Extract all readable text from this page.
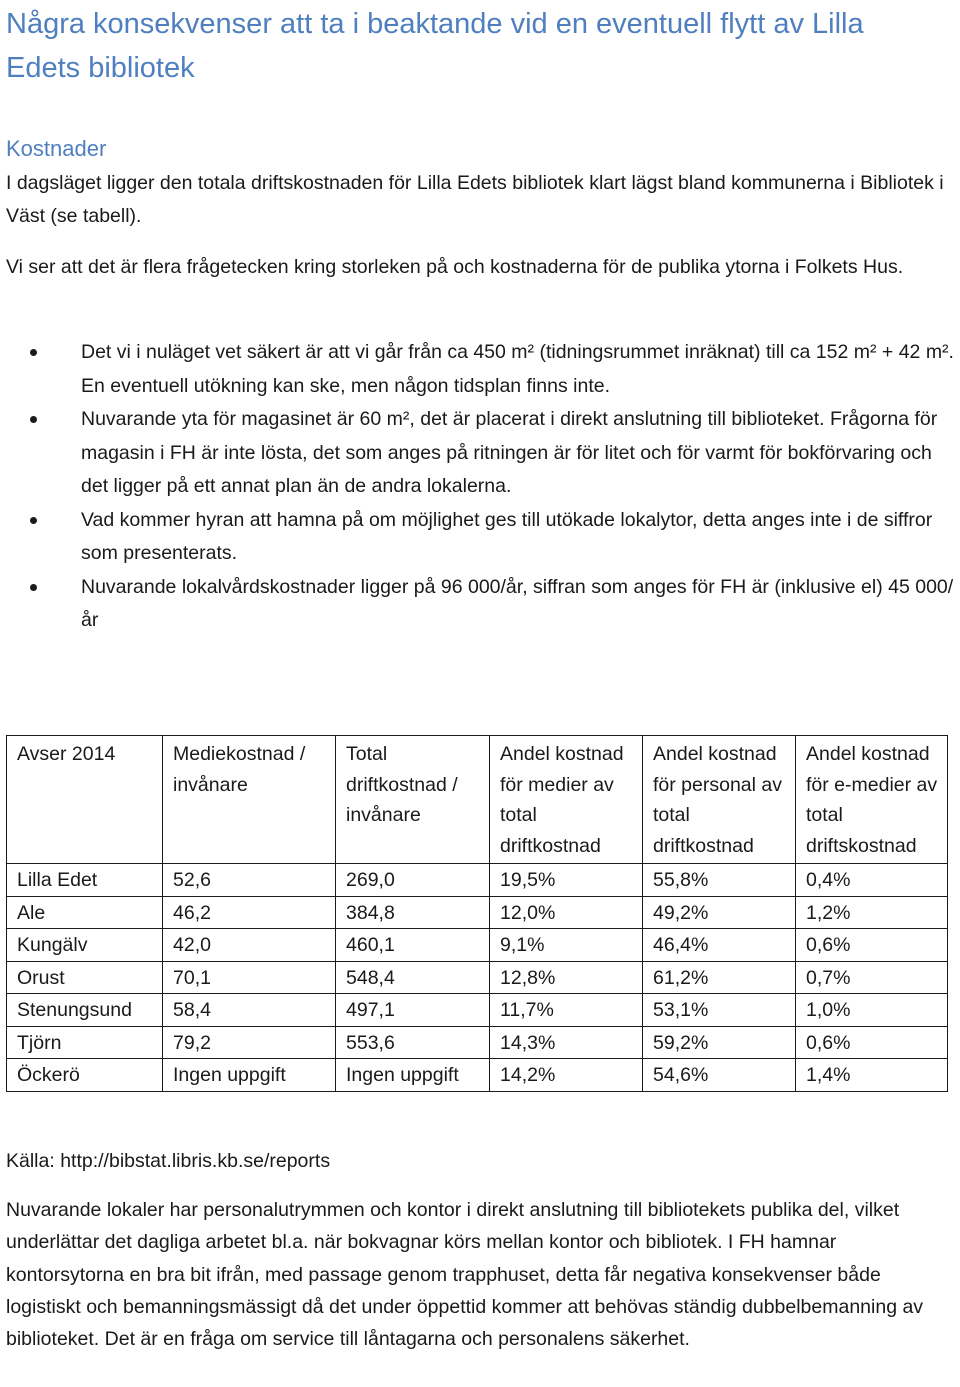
Några konsekvenser att ta i beaktande vid en eventuell flytt av Lilla Edets bibliotek
Kostnader

I dagsläget ligger den totala driftskostnaden för Lilla Edets bibliotek klart lägst bland kommunerna i Bibliotek i Väst (se tabell).

Vi ser att det är flera frågetecken kring storleken på och kostnaderna för de publika ytorna i Folkets Hus.

Det vi i nuläget vet säkert är att vi går från ca 450 m² (tidningsrummet inräknat) till ca 152 m² + 42 m². En eventuell utökning kan ske, men någon tidsplan finns inte.
Nuvarande yta för magasinet är 60 m², det är placerat i direkt anslutning till biblioteket. Frågorna för magasin i FH är inte lösta, det som anges på ritningen är för litet och för varmt för bokförvaring och det ligger på ett annat plan än de andra lokalerna.
Vad kommer hyran att hamna på om möjlighet ges till utökade lokalytor, detta anges inte i de siffror som presenterats.
Nuvarande lokalvårdskostnader ligger på 96 000/år, siffran som anges för FH är (inklusive el) 45 000/år
Avser 2014	Mediekostnad / invånare	Total driftkostnad / invånare	Andel kostnad för medier av total driftkostnad	Andel kostnad för personal av total driftkostnad	Andel kostnad för e-medier av total driftskostnad
Lilla Edet	52,6	269,0	19,5%	55,8%	0,4%
Ale	46,2	384,8	12,0%	49,2%	1,2%
Kungälv	42,0	460,1	9,1%	46,4%	0,6%
Orust	70,1	548,4	12,8%	61,2%	0,7%
Stenungsund	58,4	497,1	11,7%	53,1%	1,0%
Tjörn	79,2	553,6	14,3%	59,2%	0,6%
Öckerö	Ingen uppgift	Ingen uppgift	14,2%	54,6%	1,4%
Källa: http://bibstat.libris.kb.se/reports

Nuvarande lokaler har personalutrymmen och kontor i direkt anslutning till bibliotekets publika del, vilket underlättar det dagliga arbetet bl.a. när bokvagnar körs mellan kontor och bibliotek. I FH hamnar kontorsytorna en bra bit ifrån, med passage genom trapphuset, detta får negativa konsekvenser både logistiskt och bemanningsmässigt då det under öppettid kommer att behövas ständig dubbelbemanning av biblioteket. Det är en fråga om service till låntagarna och personalens säkerhet.
